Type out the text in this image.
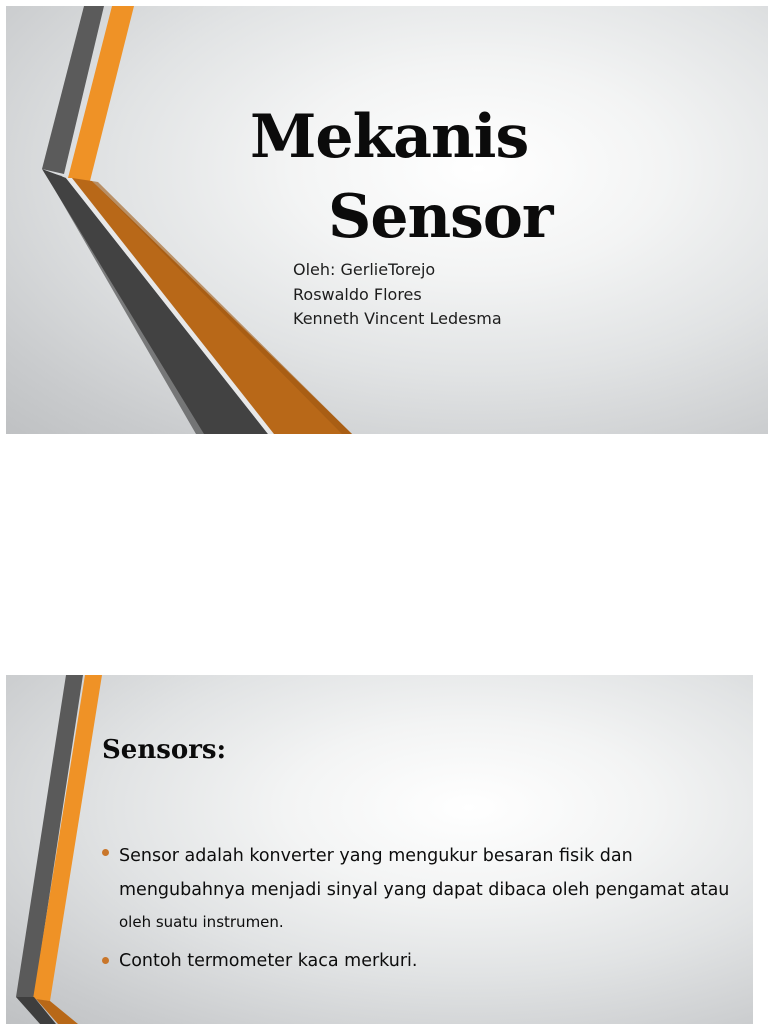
Mekanis
Sensor
Oleh: GerlieTorejo
Roswaldo Flores
Kenneth Vincent Ledesma
Sensors:
Sensor adalah konverter yang mengukur besaran fisik dan
mengubahnya menjadi sinyal yang dapat dibaca oleh pengamat atau
oleh suatu instrumen.
Contoh termometer kaca merkuri.
